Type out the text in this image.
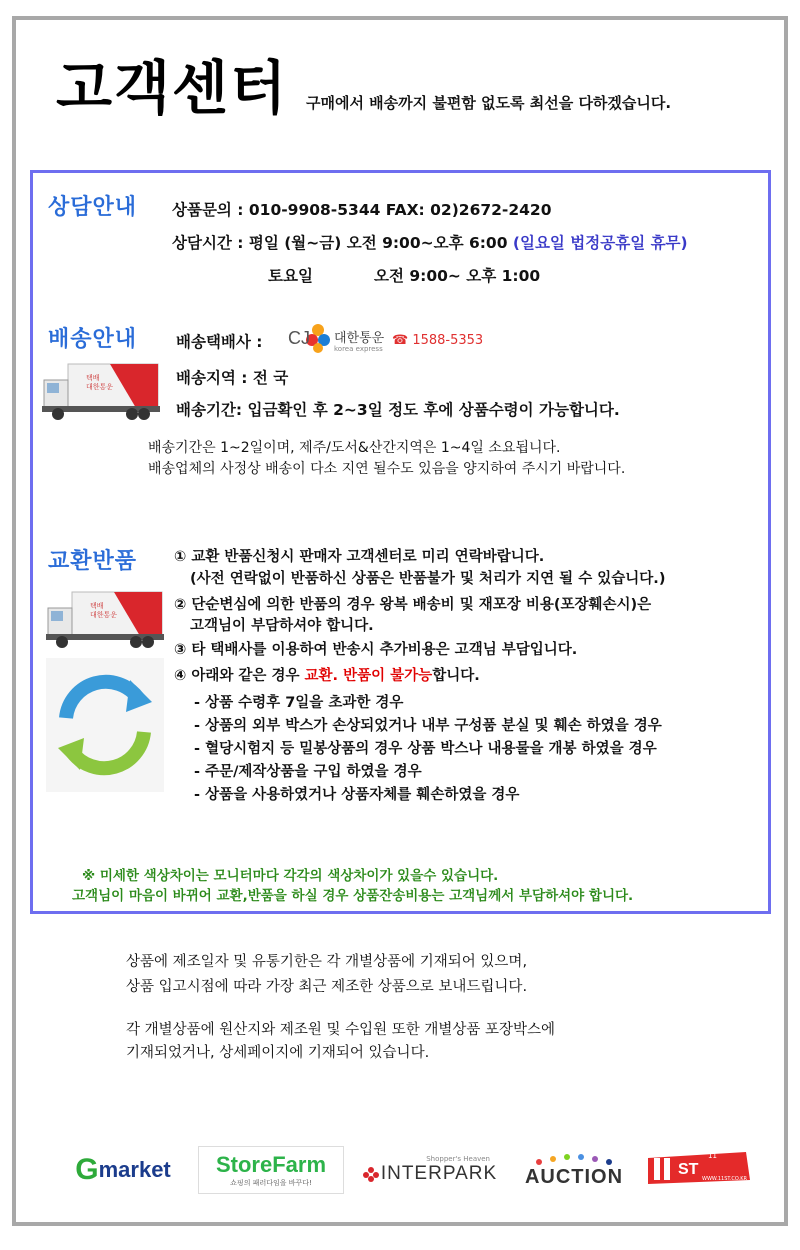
고객센터 구매에서 배송까지 불편함 없도록 최선을 다하겠습니다.
상담안내 상품문의 : 010-9908-5344 FAX: 02)2672-2420
상담시간 : 평일 (월~금) 오전 9:00~오후 6:00 (일요일 법정공휴일 휴무)
토요일	오전 9:00~ 오후 1:00
배송안내	배송택배사 : CJ 대한통운
korea express
☎ 1588-5353
택배
대한통운	배송지역 : 전 국
배송기간: 입금확인 후 2~3일 정도 후에 상품수령이 가능합니다.
배송기간은 1~2일이며, 제주/도서&산간지역은 1~4일 소요됩니다.
배송업체의 사정상 배송이 다소 지연 될수도 있음을 양지하여 주시기 바랍니다.
교환반품	① 교환 반품신청시 판매자 고객센터로 미리 연락바랍니다.
(사전 연락없이 반품하신 상품은 반품불가 및 처리가 지연 될 수 있습니다.)
택배
대한통운
② 단순변심에 의한 반품의 경우 왕복 배송비 및 재포장 비용(포장훼손시)은
고객님이 부담하셔야 합니다.
③ 타 택배사를 이용하여 반송시 추가비용은 고객님 부담입니다.
④ 아래와 같은 경우 교환. 반품이 불가능합니다.
- 상품 수령후 7일을 초과한 경우
- 상품의 외부 박스가 손상되었거나 내부 구성품 분실 및 훼손 하였을 경우
- 혈당시험지 등 밀봉상품의 경우 상품 박스나 내용물을 개봉 하였을 경우
- 주문/제작상품을 구입 하였을 경우
- 상품을 사용하였거나 상품자체를 훼손하였을 경우
※ 미세한 색상차이는 모니터마다 각각의 색상차이가 있을수 있습니다.
고객님이 마음이 바뀌어 교환,반품을 하실 경우 상품잔송비용는 고객님께서 부담하셔야 합니다.
상품에 제조일자 및 유통기한은 각 개별상품에 기재되어 있으며,
상품 입고시점에 따라 가장 최근 제조한 상품으로 보내드립니다.
각 개별상품에 원산지와 제조원 및 수입원 또한 개별상품 포장박스에
기재되었거나, 상세페이지에 기재되어 있습니다.
G market StoreFarm
쇼핑의 패러다임을 바꾸다!
Shopper's Heaven
INTERPARK AUCTION	ST
11
WWW.11ST.CO.KR
